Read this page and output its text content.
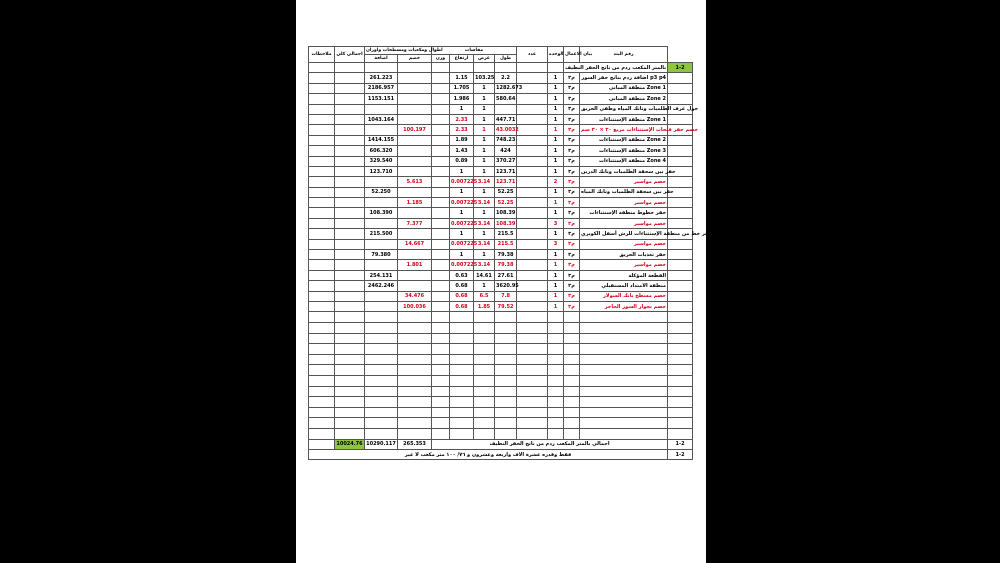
ملاحظات	اجمالي كلي	اطوال ومكعبات ومسطحات واوزان		مقاسات				عدد	الوحده	بيان الاعمال	رقم البند	
		اضافة	خصم	وزن	ارتفاع	عرض	طول					
										بالمتر المكعب ردم من ناتج الحفر النظيف		1-2
		261.223			1.15	103.25	2.2		1	م٣	اضافة ردم بناتج حفر السور p3 p4	
		2186.957			1.705	1	1282.673		1	م٣	منطقة المباني Zone 1	
		1153.151			1.986	1	580.64		1	م٣	منطقة المباني Zone 2	
					1	1			1	م٣	حول غرف الطلمبات وتانك المياه وطفي الحريق	
		1043.164			2.33	1	447.71		1	م٣	منطقة الإستثناءات Zone 1	
			100.197		2.33	1	43.0032		1	م٣	خصم حفر فتحات الإستثناءات مربع ٣٠ × ٣٠ سم	
		1414.155			1.89	1	748.23		1	م٣	منطقة الإستثناءات Zone 2	
		606.320			1.43	1	424		1	م٣	منطقة الإستثناءات Zone 3	
		329.540			0.89	1	370.27		1	م٣	منطقة الإستثناءات Zone 4	
		123.710			1	1	123.71		1	م٣	حفر بين سحقة الطلمبات وتانك الدرين	
			5.613		0.007225	3.14	123.71		2	م٣	خصم مواسير	
		52.250			1	1	52.25		1	م٣	حفر بين سحقة الطلمبات وتانك المياه	
			1.185		0.007225	3.14	52.25		1	م٣	خصم مواسير	
		108.390			1	1	108.39		1	م٣	حفر خطوط منطقة الإستثناءات	
			7.377		0.007225	3.14	108.39		3	م٣	خصم مواسير	
		215.500			1	1	215.5		1	م٣	حفر خط من منطقة الإستثناءات للرش أسفل الكوبري	
			14.667		0.007225	3.14	215.5		3	م٣	خصم مواسير	
		79.380			1	1	79.38		1	م٣	حفر تغذيات الحريق	
			1.801		0.007225	3.14	79.38		1	م٣	خصم مواسير	
		254.131			0.63	14.61	27.61		1	م٣	القطعة المؤكلة	
		2462.246			0.68	1	3620.95		1	م٣	منطقة الامتداد المستقبلي	
			34.476		0.68	6.5	7.8		1	م٣	خصم مسطح تانك السولار	
			100.036		0.68	1.85	79.52		1	م٣	خصم بجوار السور الحاجز	

	10024.76	10290.117	265.353	اجمالي بالمتر المكعب ردم من ناتج الحفر النظيف								1-2
فقط وقدره عشرة الاف واربعة وعشرون و ٧٦/ ١٠٠ متر مكعب لا غير												1-2
